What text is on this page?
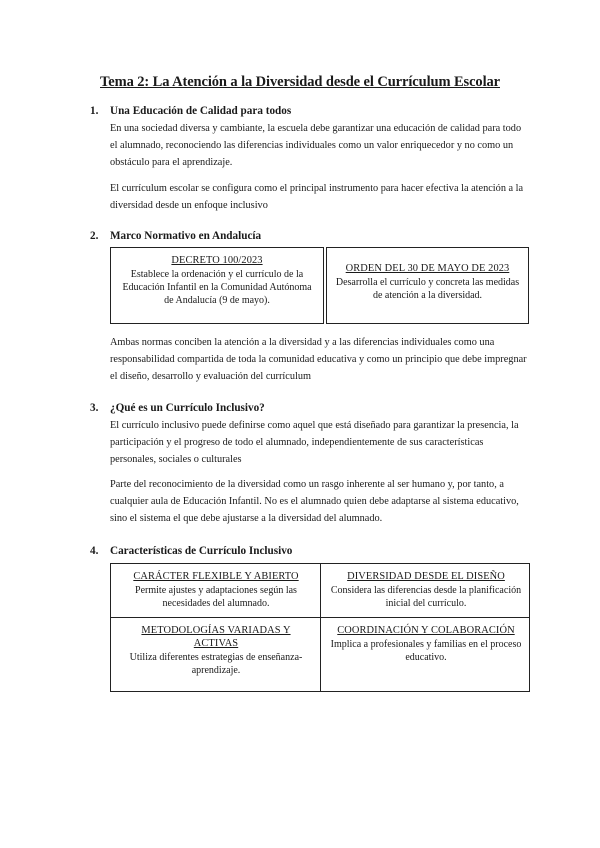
Tema 2: La Atención a la Diversidad desde el Currículum Escolar
1. Una Educación de Calidad para todos

En una sociedad diversa y cambiante, la escuela debe garantizar una educación de calidad para todo el alumnado, reconociendo las diferencias individuales como un valor enriquecedor y no como un obstáculo para el aprendizaje.

El currículum escolar se configura como el principal instrumento para hacer efectiva la atención a la diversidad desde un enfoque inclusivo

2. Marco Normativo en Andalucía
DECRETO 100/2023
Establece la ordenación y el currículo de la Educación Infantil en la Comunidad Autónoma de Andalucía (9 de mayo).
ORDEN DEL 30 DE MAYO DE 2023
Desarrolla el currículo y concreta las medidas de atención a la diversidad.

Ambas normas conciben la atención a la diversidad y a las diferencias individuales como una responsabilidad compartida de toda la comunidad educativa y como un principio que debe impregnar el diseño, desarrollo y evaluación del currículum

3. ¿Qué es un Currículo Inclusivo?

El currículo inclusivo puede definirse como aquel que está diseñado para garantizar la presencia, la participación y el progreso de todo el alumnado, independientemente de sus características personales, sociales o culturales

Parte del reconocimiento de la diversidad como un rasgo inherente al ser humano y, por tanto, a cualquier aula de Educación Infantil. No es el alumnado quien debe adaptarse al sistema educativo, sino el sistema el que debe ajustarse a la diversidad del alumnado.

4. Características de Currículo Inclusivo
CARÁCTER FLEXIBLE Y ABIERTO
Permite ajustes y adaptaciones según las necesidades del alumnado.
DIVERSIDAD DESDE EL DISEÑO
Considera las diferencias desde la planificación inicial del currículo.
METODOLOGÍAS VARIADAS Y ACTIVAS
Utiliza diferentes estrategias de enseñanza-aprendizaje.
COORDINACIÓN Y COLABORACIÓN
Implica a profesionales y familias en el proceso educativo.
